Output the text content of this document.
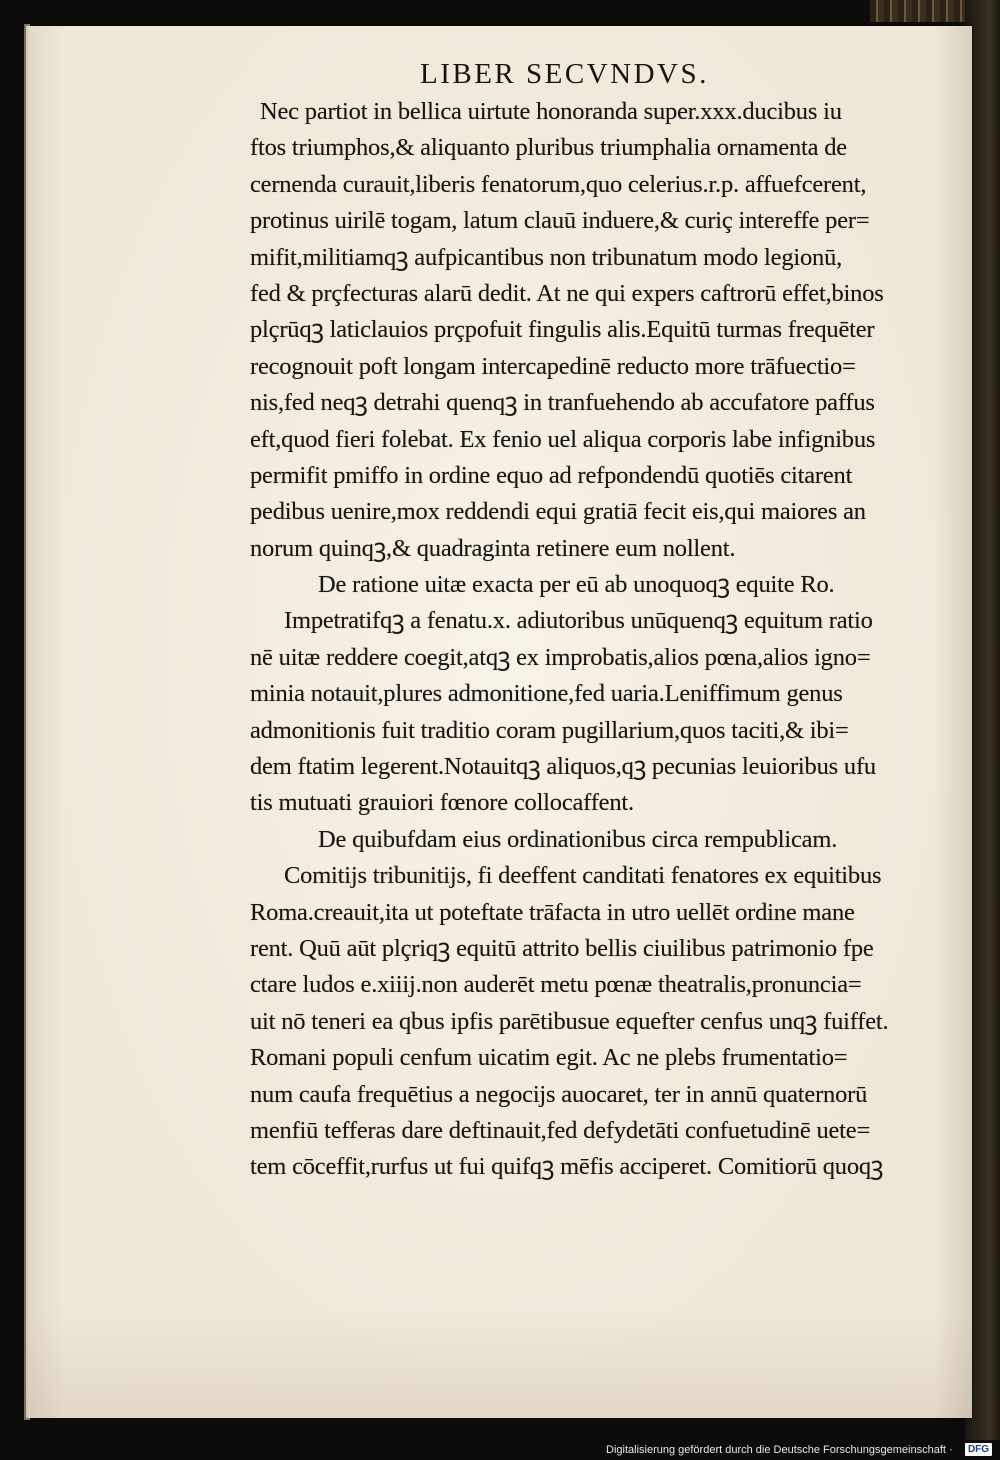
LIBER SECVNDVS.
Nec partiot in bellica uirtute honoranda super.xxx.ducibus iu
ftos triumphos,& aliquanto pluribus triumphalia ornamenta de
cernenda curauit,liberis fenatorum,quo celerius.r.p. affuefcerent,
protinus uirilē togam, latum clauū induere,& curiç intereffe per=
mifit,militiamqꝫ aufpicantibus non tribunatum modo legionū,
fed & prçfecturas alarū dedit. At ne qui expers caftrorū effet,binos
plçrūqꝫ laticlauios prçpofuit fingulis alis.Equitū turmas frequēter
recognouit poft longam intercapedinē reducto more trāfuectio=
nis,fed neqꝫ detrahi quenqꝫ in tranfuehendo ab accufatore paffus
eft,quod fieri folebat. Ex fenio uel aliqua corporis labe infignibus
permifit pmiffo in ordine equo ad refpondendū quotiēs citarent
pedibus uenire,mox reddendi equi gratiā fecit eis,qui maiores an
norum quinqꝫ,& quadraginta retinere eum nollent.
De ratione uitæ exacta per eū ab unoquoqꝫ equite Ro.
Impetratifqꝫ a fenatu.x. adiutoribus unūquenqꝫ equitum ratio
nē uitæ reddere coegit,atqꝫ ex improbatis,alios pœna,alios igno=
minia notauit,plures admonitione,fed uaria.Leniffimum genus
admonitionis fuit traditio coram pugillarium,quos taciti,& ibi=
dem ftatim legerent.Notauitqꝫ aliquos,qꝫ pecunias leuioribus ufu
tis mutuati grauiori fœnore collocaffent.
De quibufdam eius ordinationibus circa rempublicam.
Comitijs tribunitijs, fi deeffent canditati fenatores ex equitibus
Roma.creauit,ita ut poteftate trāfacta in utro uellēt ordine mane
rent. Quū aūt plçriqꝫ equitū attrito bellis ciuilibus patrimonio fpe
ctare ludos e.xiiij.non auderēt metu pœnæ theatralis,pronuncia=
uit nō teneri ea qbus ipfis parētibusue equefter cenfus unqꝫ fuiffet.
Romani populi cenfum uicatim egit. Ac ne plebs frumentatio=
num caufa frequētius a negocijs auocaret, ter in annū quaternorū
menfiū tefferas dare deftinauit,fed defydetāti confuetudinē uete=
tem cōceffit,rurfus ut fui quifqꝫ mēfis acciperet. Comitiorū quoqꝫ
Digitalisierung gefördert durch die Deutsche Forschungsgemeinschaft · DFG
